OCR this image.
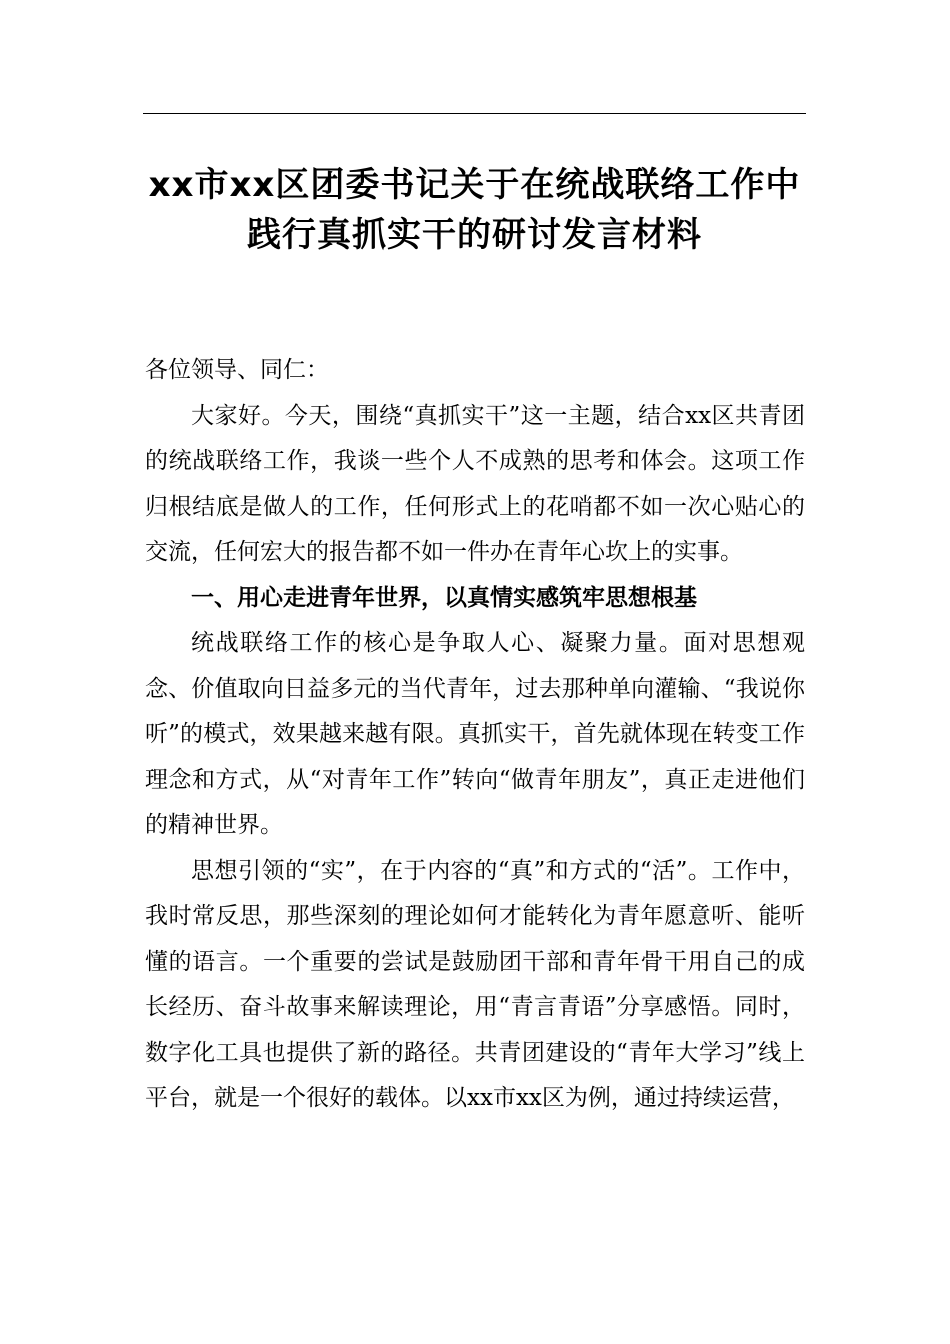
xx市xx区团委书记关于在统战联络工作中
践行真抓实干的研讨发言材料

各位领导、同仁：

大家好。今天，围绕“真抓实干”这一主题，结合xx区共青团的统战联络工作，我谈一些个人不成熟的思考和体会。这项工作归根结底是做人的工作，任何形式上的花哨都不如一次心贴心的交流，任何宏大的报告都不如一件办在青年心坎上的实事。

一、用心走进青年世界，以真情实感筑牢思想根基

统战联络工作的核心是争取人心、凝聚力量。面对思想观念、价值取向日益多元的当代青年，过去那种单向灌输、“我说你听”的模式，效果越来越有限。真抓实干，首先就体现在转变工作理念和方式，从“对青年工作”转向“做青年朋友”，真正走进他们的精神世界。

思想引领的“实”，在于内容的“真”和方式的“活”。工作中，我时常反思，那些深刻的理论如何才能转化为青年愿意听、能听懂的语言。一个重要的尝试是鼓励团干部和青年骨干用自己的成长经历、奋斗故事来解读理论，用“青言青语”分享感悟。同时，数字化工具也提供了新的路径。共青团建设的“青年大学习”线上平台，就是一个很好的载体。以xx市xx区为例，通过持续运营，
